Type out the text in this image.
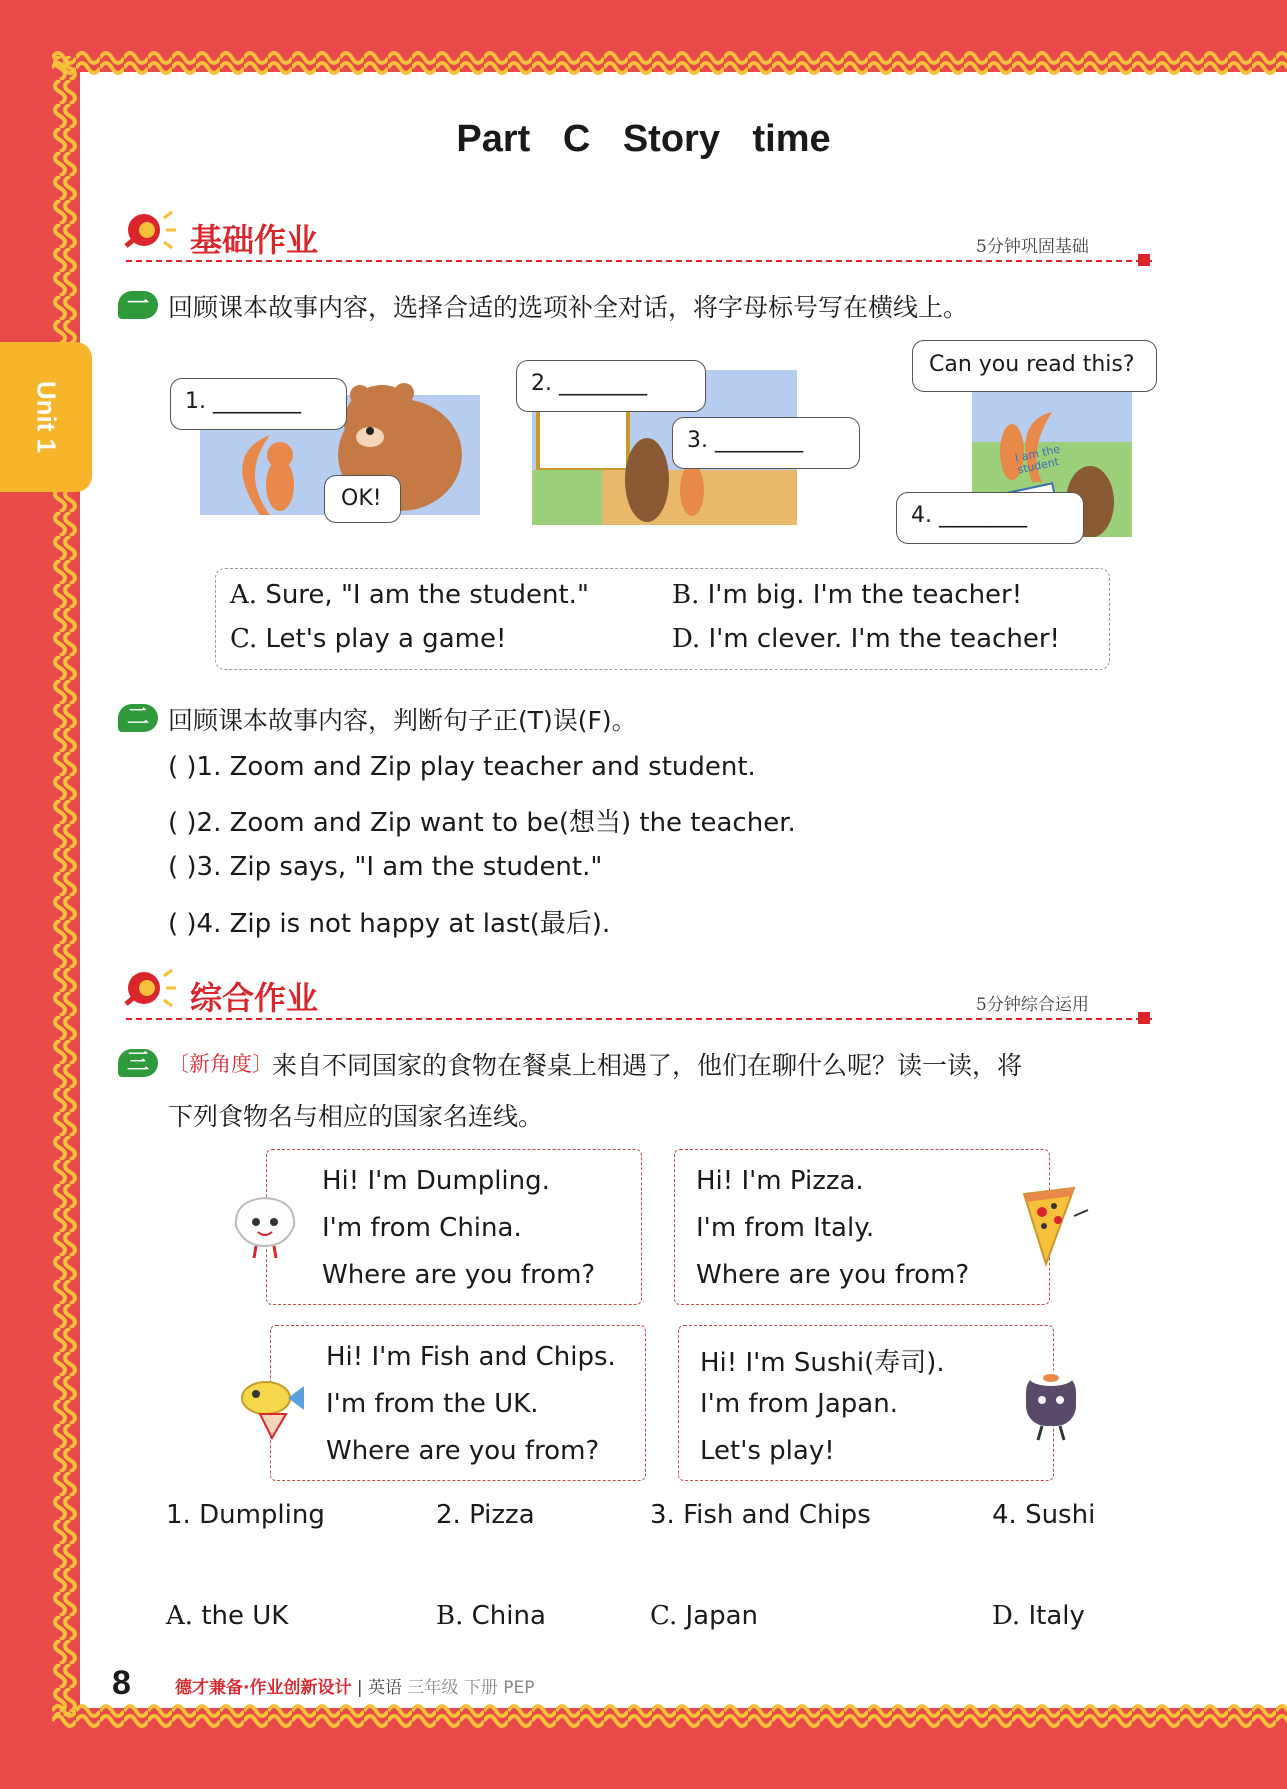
Unit 1
Part C Story time
基础作业	5分钟巩固基础
一 回顾课本故事内容，选择合适的选项补全对话，将字母标号写在横线上。
1. ________
OK!
2. ________
3. ________
I am the student
Can you read this?
4. ________
A. Sure, "I am the student."	B. I'm big. I'm the teacher!
C. Let's play a game!	D. I'm clever. I'm the teacher!
二 回顾课本故事内容，判断句子正(T)误(F)。
( )1. Zoom and Zip play teacher and student.
( )2. Zoom and Zip want to be(想当) the teacher.
( )3. Zip says, "I am the student."
( )4. Zip is not happy at last(最后).
综合作业	5分钟综合运用
三 〔新角度〕 来自不同国家的食物在餐桌上相遇了，他们在聊什么呢？读一读，将
下列食物名与相应的国家名连线。
Hi! I'm Dumpling.
I'm from China.
Where are you from?
Hi! I'm Pizza.
I'm from Italy.
Where are you from?
Hi! I'm Fish and Chips.
I'm from the UK.
Where are you from?
Hi! I'm Sushi(寿司).
I'm from Japan.
Let's play!
1. Dumpling	2. Pizza	3. Fish and Chips	4. Sushi
A. the UK	B. China	C. Japan	D. Italy
8	德才兼备·作业创新设计 | 英语 三年级 下册 PEP
